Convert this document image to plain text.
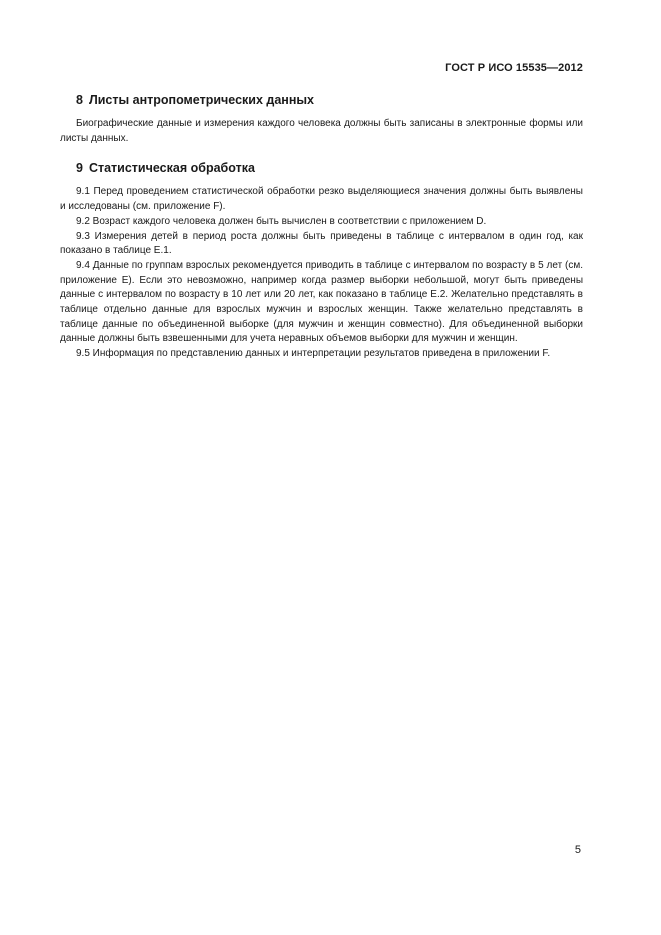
ГОСТ Р ИСО 15535—2012
8 Листы антропометрических данных

Биографические данные и измерения каждого человека должны быть записаны в электронные формы или листы данных.

9 Статистическая обработка

9.1 Перед проведением статистической обработки резко выделяющиеся значения должны быть выявлены и исследованы (см. приложение F).

9.2 Возраст каждого человека должен быть вычислен в соответствии с приложением D.

9.3 Измерения детей в период роста должны быть приведены в таблице с интервалом в один год, как показано в таблице Е.1.

9.4 Данные по группам взрослых рекомендуется приводить в таблице с интервалом по возрасту в 5 лет (см. приложение Е). Если это невозможно, например когда размер выборки небольшой, могут быть приведены данные с интервалом по возрасту в 10 лет или 20 лет, как показано в таблице Е.2. Желательно представлять в таблице отдельно данные для взрослых мужчин и взрослых женщин. Также желательно представлять в таблице данные по объединенной выборке (для мужчин и женщин совместно). Для объединенной выборки данные должны быть взвешенными для учета неравных объемов выборки для мужчин и женщин.

9.5 Информация по представлению данных и интерпретации результатов приведена в приложении F.

5
